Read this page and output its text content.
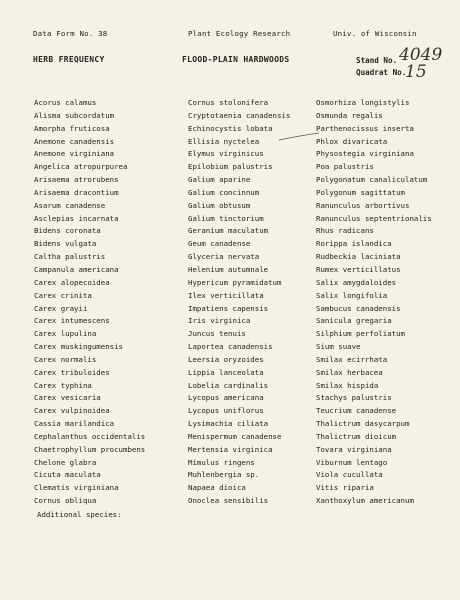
Data Form No. 38	Plant Ecology Research	Univ. of Wisconsin
HERB FREQUENCY	FLOOD-PLAIN HARDWOODS	Stand No.
Quadrat No.
4049
15
Acorus calamus
Alisma subcordatum
Amorpha fruticosa
Anemone canadensis
Anemone virginiana
Angelica atropurpurea
Arisaema atrorubens
Arisaema dracontium
Asarum canadense
Asclepias incarnata
Bidens coronata
Bidens vulgata
Caltha palustris
Campanula americana
Carex alopecoidea
Carex crinita
Carex grayii
Carex intumescens
Carex lupulina
Carex muskingumensis
Carex normalis
Carex tribuloides
Carex typhina
Carex vesicaria
Carex vulpinoidea
Cassia marilandica
Cephalanthus occidentalis
Chaetrophyllum procumbens
Chelone glabra
Cicuta maculata
Clematis virginiana
Cornus obliqua
Cornus stolonifera
Cryptotaenia canadensis
Echinocystis lobata
Ellisia nyctelea
Elymus virginicus
Epilobium palustris
Galium aparine
Galium concinnum
Galium obtusum
Galium tinctorium
Geranium maculatum
Geum canadense
Glyceria nervata
Helenium autumnale
Hypericum pyramidatum
Ilex verticillata
Impatiens capensis
Iris virginica
Juncus tenuis
Laportea canadensis
Leersia oryzoides
Lippia lanceolata
Lobelia cardinalis
Lycopus americana
Lycopus uniflorus
Lysimachia ciliata
Menispermum canadense
Mertensia virginica
Mimulus ringens
Muhlenbergia sp.
Napaea dioica
Onoclea sensibilis
Osmorhiza longistylis
Osmunda regalis
Parthenocissus inserta
Phlox divaricata
Physostegia virginiana
Poa palustris
Polygonatum canaliculatum
Polygonum sagittatum
Ranunculus arbortivus
Ranunculus septentrionalis
Rhus radicans
Rorippa islandica
Rudbeckia laciniata
Rumex verticillatus
Salix amygdaloides
Salix longifolia
Sambucus canadensis
Sanicula gregaria
Silphium perfoliatum
Sium suave
Smilax ecirrhata
Smilax herbacea
Smilax hispida
Stachys palustris
Teucrium canadense
Thalictrum dasycarpum
Thalictrum dioicum
Tovara virginiana
Viburnum lentago
Viola cucullata
Vitis riparia
Xanthoxylum americanum
Additional species:
